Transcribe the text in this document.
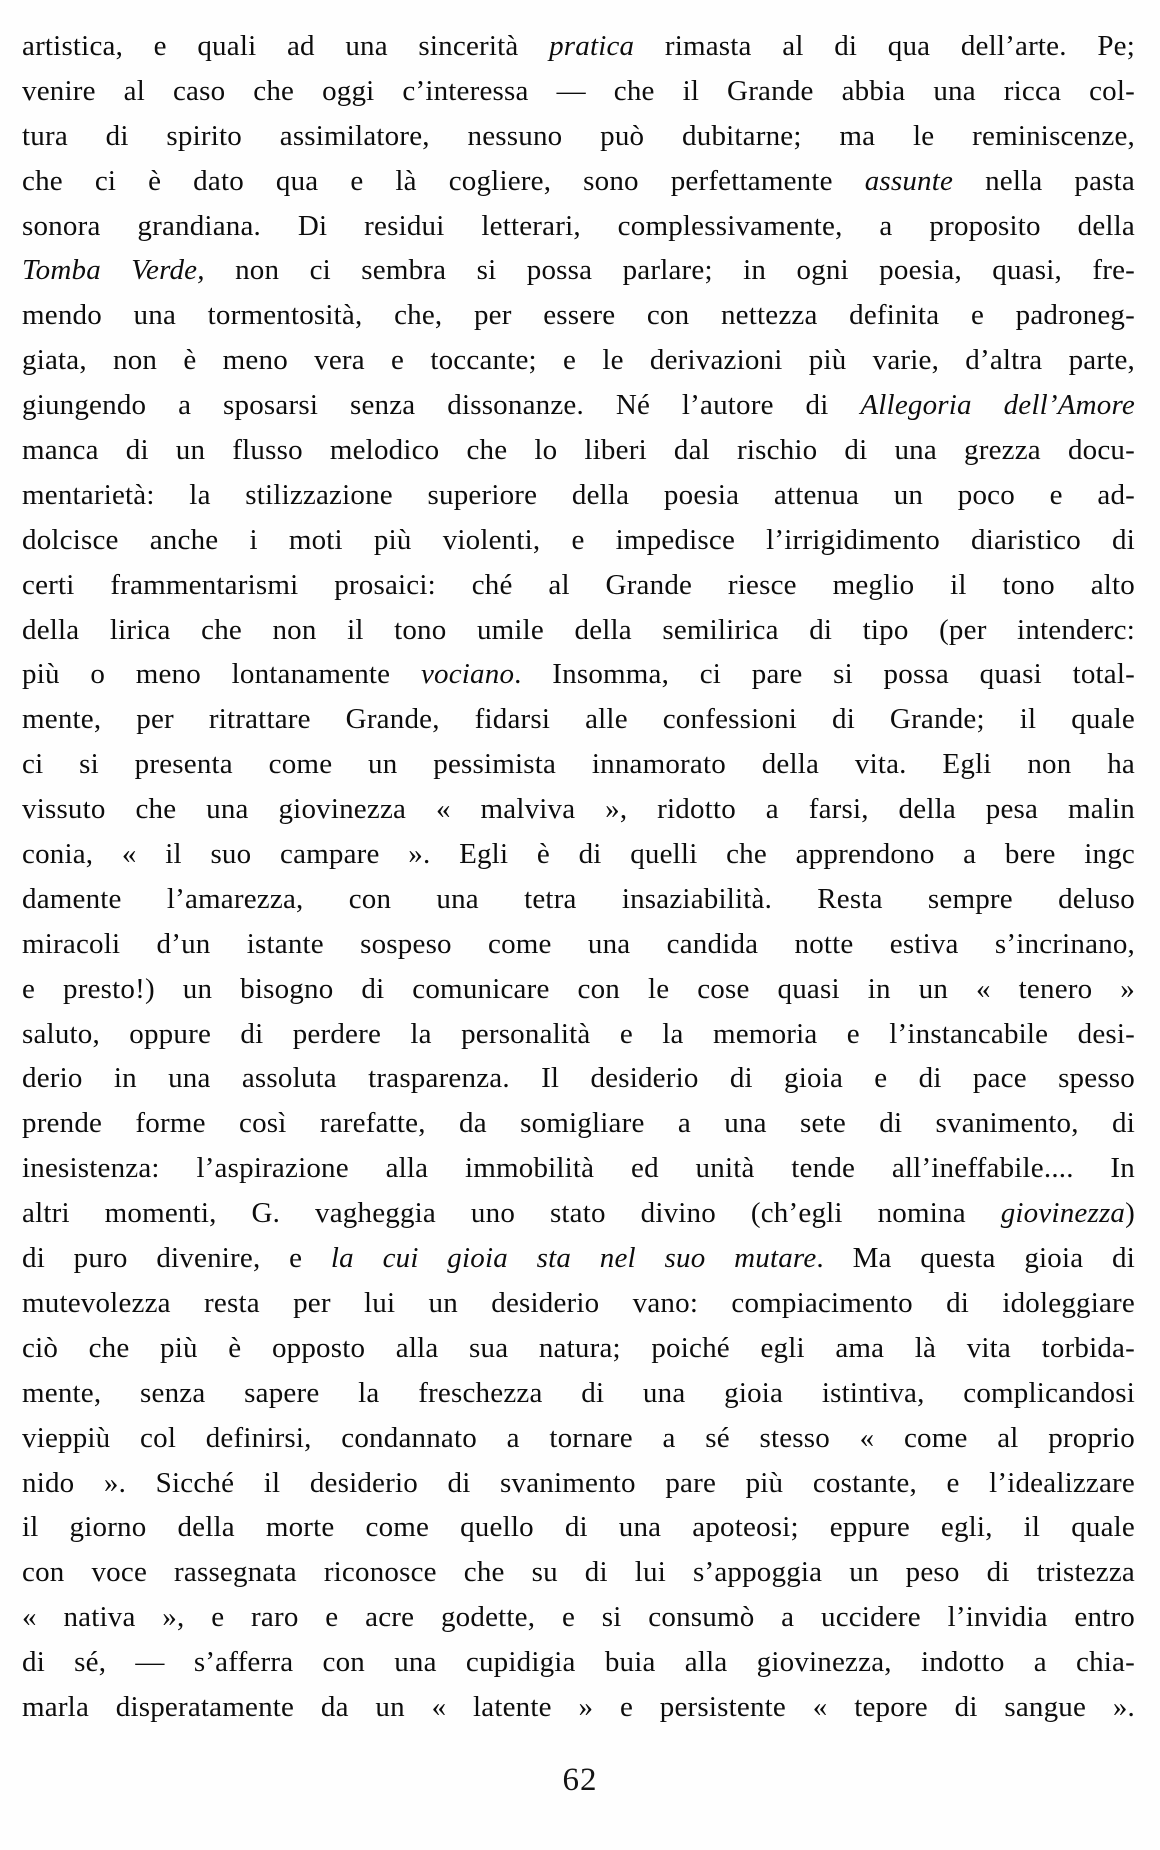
artistica, e quali ad una sincerità pratica rimasta al di qua dell’arte. Pe;
venire al caso che oggi c’interessa — che il Grande abbia una ricca col-
tura di spirito assimilatore, nessuno può dubitarne; ma le reminiscenze,
che ci è dato qua e là cogliere, sono perfettamente assunte nella pasta
sonora grandiana. Di residui letterari, complessivamente, a proposito della
Tomba Verde, non ci sembra si possa parlare; in ogni poesia, quasi, fre-
mendo una tormentosità, che, per essere con nettezza definita e padroneg-
giata, non è meno vera e toccante; e le derivazioni più varie, d’altra parte,
giungendo a sposarsi senza dissonanze. Né l’autore di Allegoria dell’Amore
manca di un flusso melodico che lo liberi dal rischio di una grezza docu-
mentarietà: la stilizzazione superiore della poesia attenua un poco e ad-
dolcisce anche i moti più violenti, e impedisce l’irrigidimento diaristico di
certi frammentarismi prosaici: ché al Grande riesce meglio il tono alto
della lirica che non il tono umile della semilirica di tipo (per intenderc:
più o meno lontanamente vociano. Insomma, ci pare si possa quasi total-
mente, per ritrattare Grande, fidarsi alle confessioni di Grande; il quale
ci si presenta come un pessimista innamorato della vita. Egli non ha
vissuto che una giovinezza « malviva », ridotto a farsi, della pesa malin
conia, « il suo campare ». Egli è di quelli che apprendono a bere ingc
damente l’amarezza, con una tetra insaziabilità. Resta sempre deluso
miracoli d’un istante sospeso come una candida notte estiva s’incrinano,
e presto!) un bisogno di comunicare con le cose quasi in un « tenero »
saluto, oppure di perdere la personalità e la memoria e l’instancabile desi-
derio in una assoluta trasparenza. Il desiderio di gioia e di pace spesso
prende forme così rarefatte, da somigliare a una sete di svanimento, di
inesistenza: l’aspirazione alla immobilità ed unità tende all’ineffabile.... In
altri momenti, G. vagheggia uno stato divino (ch’egli nomina giovinezza)
di puro divenire, e la cui gioia sta nel suo mutare. Ma questa gioia di
mutevolezza resta per lui un desiderio vano: compiacimento di idoleggiare
ciò che più è opposto alla sua natura; poiché egli ama là vita torbida-
mente, senza sapere la freschezza di una gioia istintiva, complicandosi
vieppiù col definirsi, condannato a tornare a sé stesso « come al proprio
nido ». Sicché il desiderio di svanimento pare più costante, e l’idealizzare
il giorno della morte come quello di una apoteosi; eppure egli, il quale
con voce rassegnata riconosce che su di lui s’appoggia un peso di tristezza
« nativa », e raro e acre godette, e si consumò a uccidere l’invidia entro
di sé, — s’afferra con una cupidigia buia alla giovinezza, indotto a chia-
marla disperatamente da un « latente » e persistente « tepore di sangue ».
62
